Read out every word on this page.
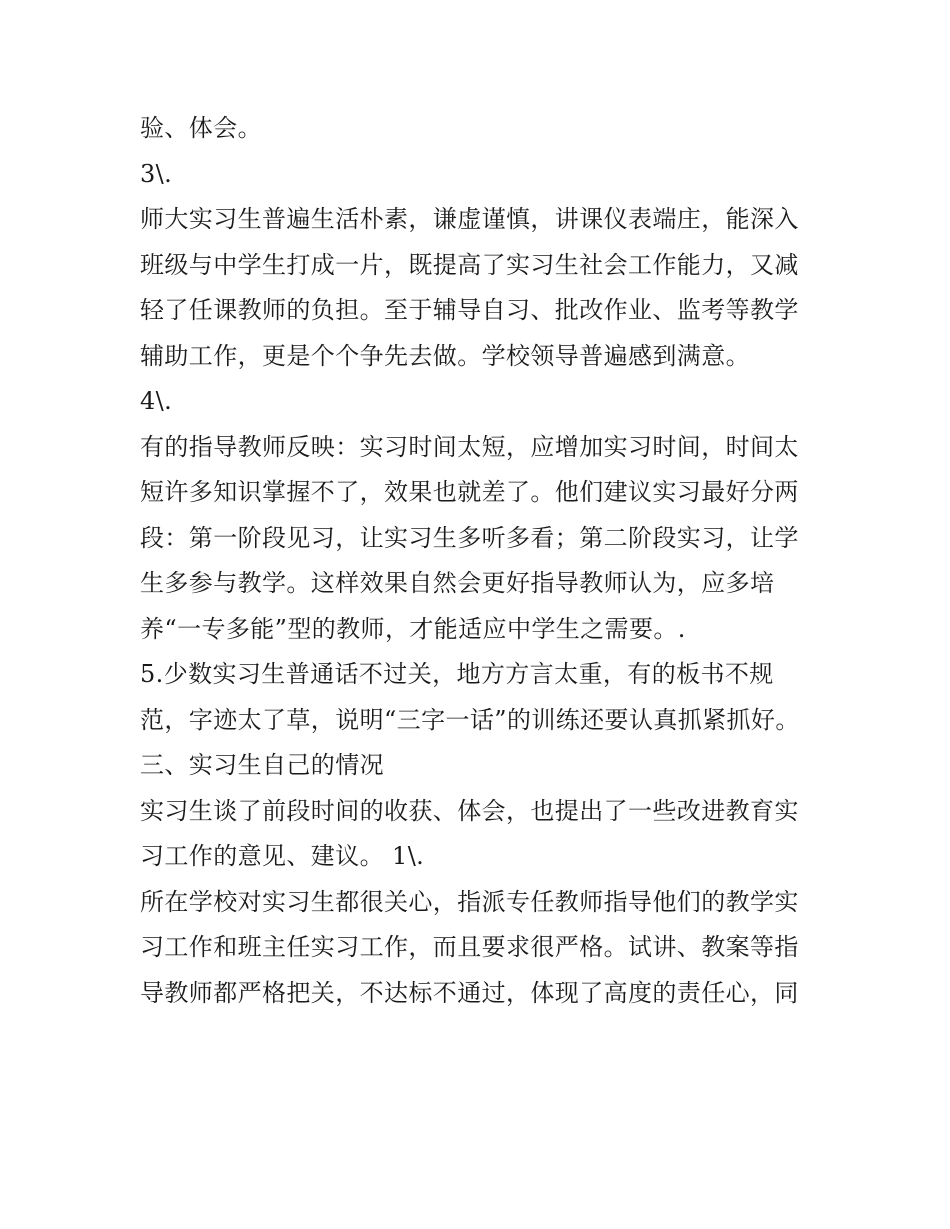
验、体会。
3\.
师大实习生普遍生活朴素，谦虚谨慎，讲课仪表端庄，能深入
班级与中学生打成一片，既提高了实习生社会工作能力，又减
轻了任课教师的负担。至于辅导自习、批改作业、监考等教学
辅助工作，更是个个争先去做。学校领导普遍感到满意。
4\.
有的指导教师反映：实习时间太短，应增加实习时间，时间太
短许多知识掌握不了，效果也就差了。他们建议实习最好分两
段：第一阶段见习，让实习生多听多看；第二阶段实习，让学
生多参与教学。这样效果自然会更好指导教师认为，应多培
养“一专多能”型的教师，才能适应中学生之需要。.
5.少数实习生普通话不过关，地方方言太重，有的板书不规
范，字迹太了草，说明“三字一话”的训练还要认真抓紧抓好。
三、实习生自己的情况
实习生谈了前段时间的收获、体会，也提出了一些改进教育实
习工作的意见、建议。 1\.
所在学校对实习生都很关心，指派专任教师指导他们的教学实
习工作和班主任实习工作，而且要求很严格。试讲、教案等指
导教师都严格把关，不达标不通过，体现了高度的责任心，同
